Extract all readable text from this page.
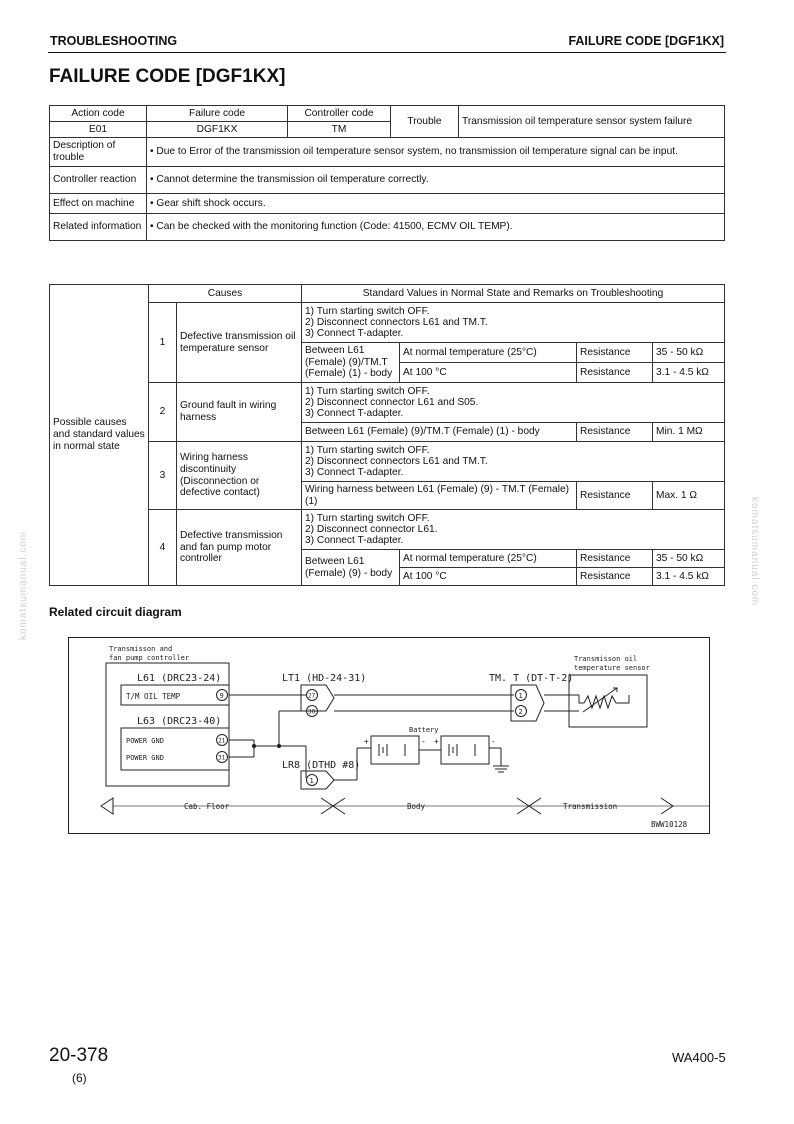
TROUBLESHOOTING	FAILURE CODE [DGF1KX]
FAILURE CODE [DGF1KX]
Action code	Failure code	Controller code	Trouble	Transmission oil temperature sensor system failure
E01	DGF1KX	TM		
Description of trouble	• Due to Error of the transmission oil temperature sensor system, no transmission oil temperature signal can be input.			
Controller reaction	• Cannot determine the transmission oil temperature correctly.			
Effect on machine	• Gear shift shock occurs.			
Related information	• Can be checked with the monitoring function (Code: 41500, ECMV OIL TEMP).			
Possible causes and standard values in normal state	Causes		Standard Values in Normal State and Remarks on Troubleshooting			
	1	Defective transmission oil temperature sensor	1) Turn starting switch OFF.
2) Disconnect connectors L61 and TM.T.
3) Connect T-adapter.			

			Between L61 (Female) (9)/TM.T (Female) (1) - body	At normal temperature (25°C)	Resistance	35 - 50 kΩ
				At 100 °C	Resistance	3.1 - 4.5 kΩ
	2	Ground fault in wiring harness	1) Turn starting switch OFF.
2) Disconnect connector L61 and S05.
3) Connect T-adapter.			

			Between L61 (Female) (9)/TM.T (Female) (1) - body		Resistance	Min. 1 MΩ
	3	Wiring harness discontinuity (Disconnection or defective contact)	1) Turn starting switch OFF.
2) Disconnect connectors L61 and TM.T.
3) Connect T-adapter.			

			Wiring harness between L61 (Female) (9) - TM.T (Female) (1)		Resistance	Max. 1 Ω
	4	Defective transmission and fan pump motor controller	1) Turn starting switch OFF.
2) Disconnect connector L61.
3) Connect T-adapter.			

			Between L61 (Female) (9) - body	At normal temperature (25°C)	Resistance	35 - 50 kΩ
				At 100 °C	Resistance	3.1 - 4.5 kΩ
Related circuit diagram
Transmisson and
fan pump controller
L61 (DRC23-24)
T/M OIL TEMP	9
L63 (DRC23-40)
POWER GND
POWER GND
21
31
LT1 (HD-24-31)
27
30
LR8 (DTHD #8)
1
Battery
+	- +	-
TM. T (DT-T-2)
1
2
Transmisson oil
temperature sensor
Cab. Floor	Body	Transmission
BWW10128
komatsumanual.com	komatsumanual.com
20-378
(6)
WA400-5
